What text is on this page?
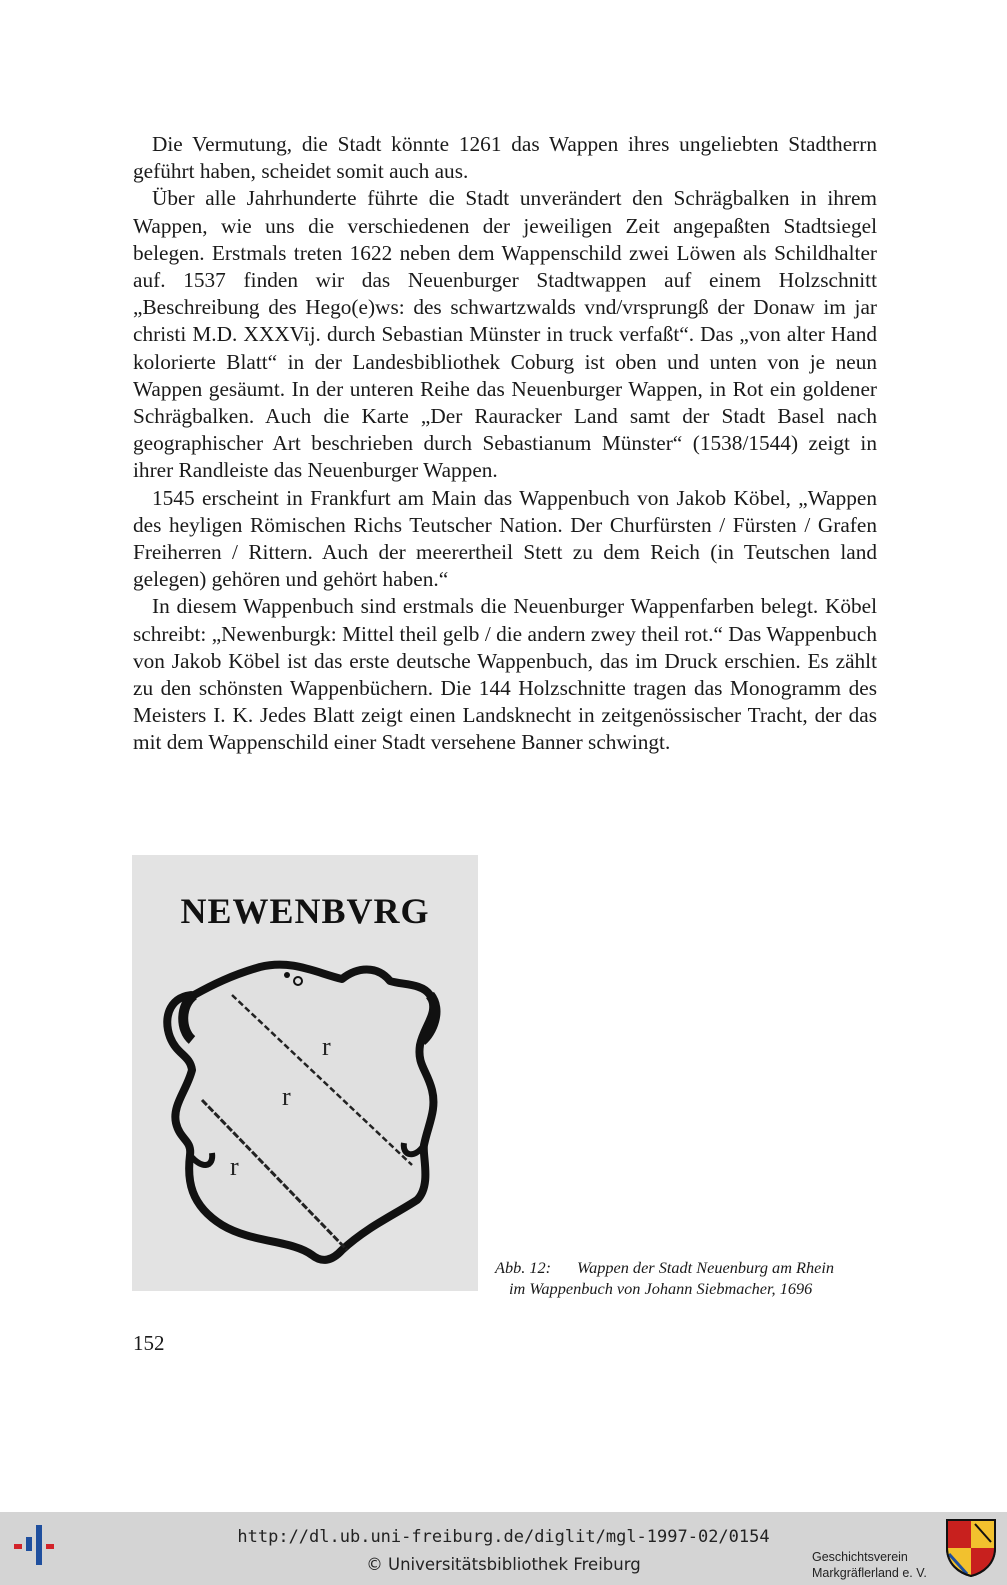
Die Vermutung, die Stadt könnte 1261 das Wappen ihres ungeliebten Stadtherrn geführt haben, scheidet somit auch aus.

Über alle Jahrhunderte führte die Stadt unverändert den Schrägbalken in ihrem Wappen, wie uns die verschiedenen der jeweiligen Zeit angepaßten Stadtsiegel belegen. Erstmals treten 1622 neben dem Wappenschild zwei Löwen als Schildhalter auf. 1537 finden wir das Neuenburger Stadtwappen auf einem Holzschnitt „Beschreibung des Hego(e)ws: des schwartzwalds vnd/vrsprungß der Donaw im jar christi M.D. XXXVij. durch Sebastian Münster in truck verfaßt“. Das „von alter Hand kolorierte Blatt“ in der Landesbibliothek Coburg ist oben und unten von je neun Wappen gesäumt. In der unteren Reihe das Neuenburger Wappen, in Rot ein goldener Schrägbalken. Auch die Karte „Der Rauracker Land samt der Stadt Basel nach geographischer Art beschrieben durch Sebastianum Münster“ (1538/1544) zeigt in ihrer Randleiste das Neuenburger Wappen.

1545 erscheint in Frankfurt am Main das Wappenbuch von Jakob Köbel, „Wappen des heyligen Römischen Richs Teutscher Nation. Der Churfürsten / Fürsten / Grafen Freiherren / Rittern. Auch der meerertheil Stett zu dem Reich (in Teutschen land gelegen) gehören und gehört haben.“

In diesem Wappenbuch sind erstmals die Neuenburger Wappenfarben belegt. Köbel schreibt: „Newenburgk: Mittel theil gelb / die andern zwey theil rot.“ Das Wappenbuch von Jakob Köbel ist das erste deutsche Wappenbuch, das im Druck erschien. Es zählt zu den schönsten Wappenbüchern. Die 144 Holzschnitte tragen das Monogramm des Meisters I. K. Jedes Blatt zeigt einen Landsknecht in zeitgenössischer Tracht, der das mit dem Wappenschild einer Stadt versehene Banner schwingt.

NEWENBVRG
r
r
r
Abb. 12: Wappen der Stadt Neuenburg am Rhein
im Wappenbuch von Johann Siebmacher, 1696
152
http://dl.ub.uni-freiburg.de/diglit/mgl-1997-02/0154
© Universitätsbibliothek Freiburg	Geschichtsverein
Markgräflerland e. V.
